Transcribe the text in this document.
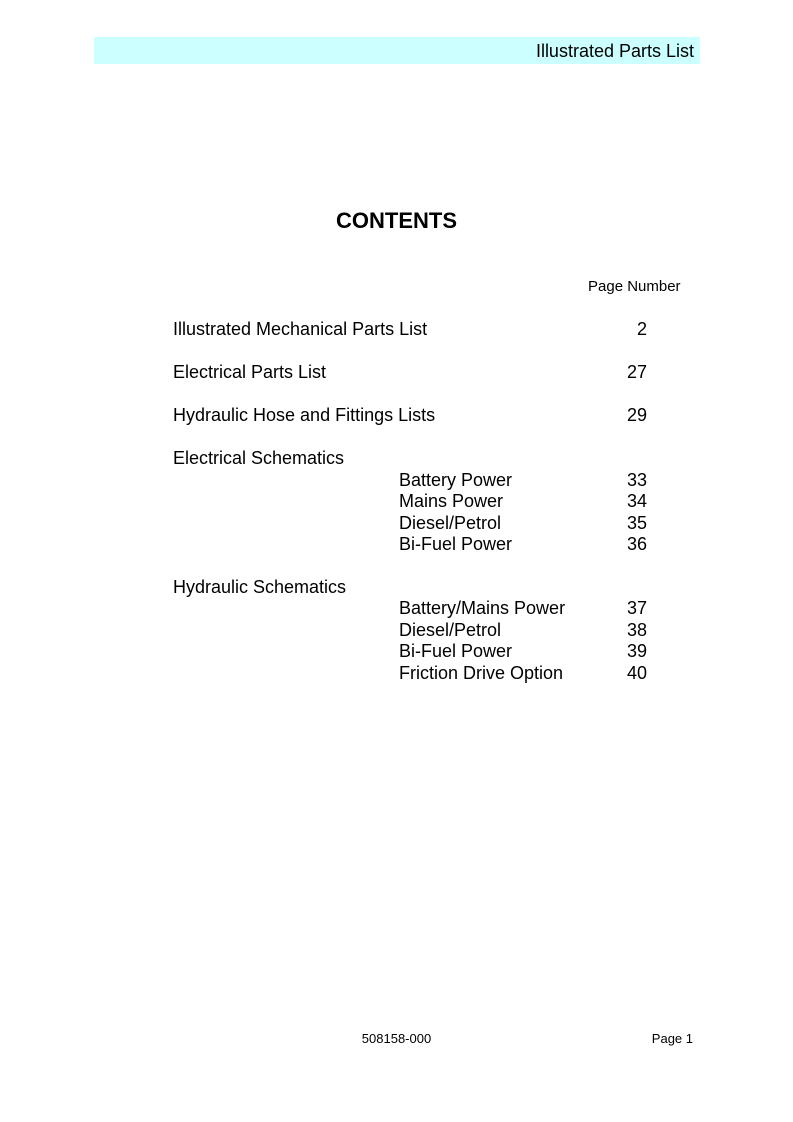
Illustrated Parts List
CONTENTS
Page Number
Illustrated Mechanical Parts List	2
Electrical Parts List	27
Hydraulic Hose and Fittings Lists	29
Electrical Schematics
Battery Power	33
Mains Power	34
Diesel/Petrol	35
Bi-Fuel Power	36
Hydraulic Schematics
Battery/Mains Power	37
Diesel/Petrol	38
Bi-Fuel Power	39
Friction Drive Option	40
508158-000	Page 1
